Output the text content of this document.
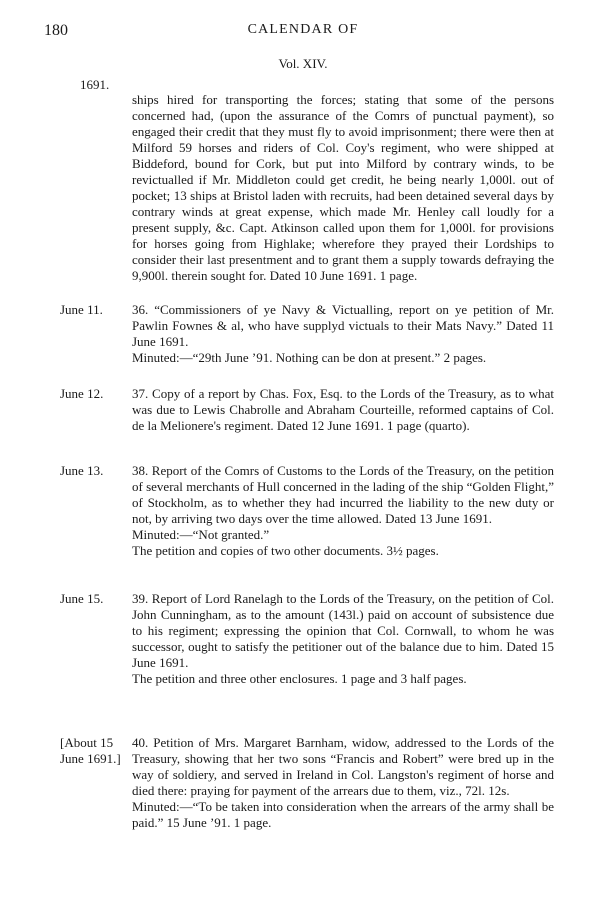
180	CALENDAR OF
Vol. XIV.
1691.
ships hired for transporting the forces; stating that some of the persons concerned had, (upon the assurance of the Comrs of punctual payment), so engaged their credit that they must fly to avoid imprisonment; there were then at Milford 59 horses and riders of Col. Coy's regiment, who were shipped at Biddeford, bound for Cork, but put into Milford by contrary winds, to be revictualled if Mr. Middleton could get credit, he being nearly 1,000l. out of pocket; 13 ships at Bristol laden with recruits, had been detained several days by contrary winds at great expense, which made Mr. Henley call loudly for a present supply, &c. Capt. Atkinson called upon them for 1,000l. for provisions for horses going from Highlake; wherefore they prayed their Lordships to consider their last presentment and to grant them a supply towards defraying the 9,900l. therein sought for. Dated 10 June 1691. 1 page.
June 11. 36. “Commissioners of ye Navy & Victualling, report on ye petition of Mr. Pawlin Fownes & al, who have supplyd victuals to their Mats Navy.” Dated 11 June 1691.

Minuted:—“29th June ’91. Nothing can be don at present.” 2 pages.

June 12. 37. Copy of a report by Chas. Fox, Esq. to the Lords of the Treasury, as to what was due to Lewis Chabrolle and Abraham Courteille, reformed captains of Col. de la Melionere's regiment. Dated 12 June 1691. 1 page (quarto).
June 13. 38. Report of the Comrs of Customs to the Lords of the Treasury, on the petition of several merchants of Hull concerned in the lading of the ship “Golden Flight,” of Stockholm, as to whether they had incurred the liability to the new duty or not, by arriving two days over the time allowed. Dated 13 June 1691.

Minuted:—“Not granted.”

The petition and copies of two other documents. 3½ pages.

June 15. 39. Report of Lord Ranelagh to the Lords of the Treasury, on the petition of Col. John Cunningham, as to the amount (143l.) paid on account of subsistence due to his regiment; expressing the opinion that Col. Cornwall, to whom he was successor, ought to satisfy the petitioner out of the balance due to him. Dated 15 June 1691.

The petition and three other enclosures. 1 page and 3 half pages.

[About 15 June 1691.]

40. Petition of Mrs. Margaret Barnham, widow, addressed to the Lords of the Treasury, showing that her two sons “Francis and Robert” were bred up in the way of soldiery, and served in Ireland in Col. Langston's regiment of horse and died there: praying for payment of the arrears due to them, viz., 72l. 12s.

Minuted:—“To be taken into consideration when the arrears of the army shall be paid.” 15 June ’91. 1 page.
